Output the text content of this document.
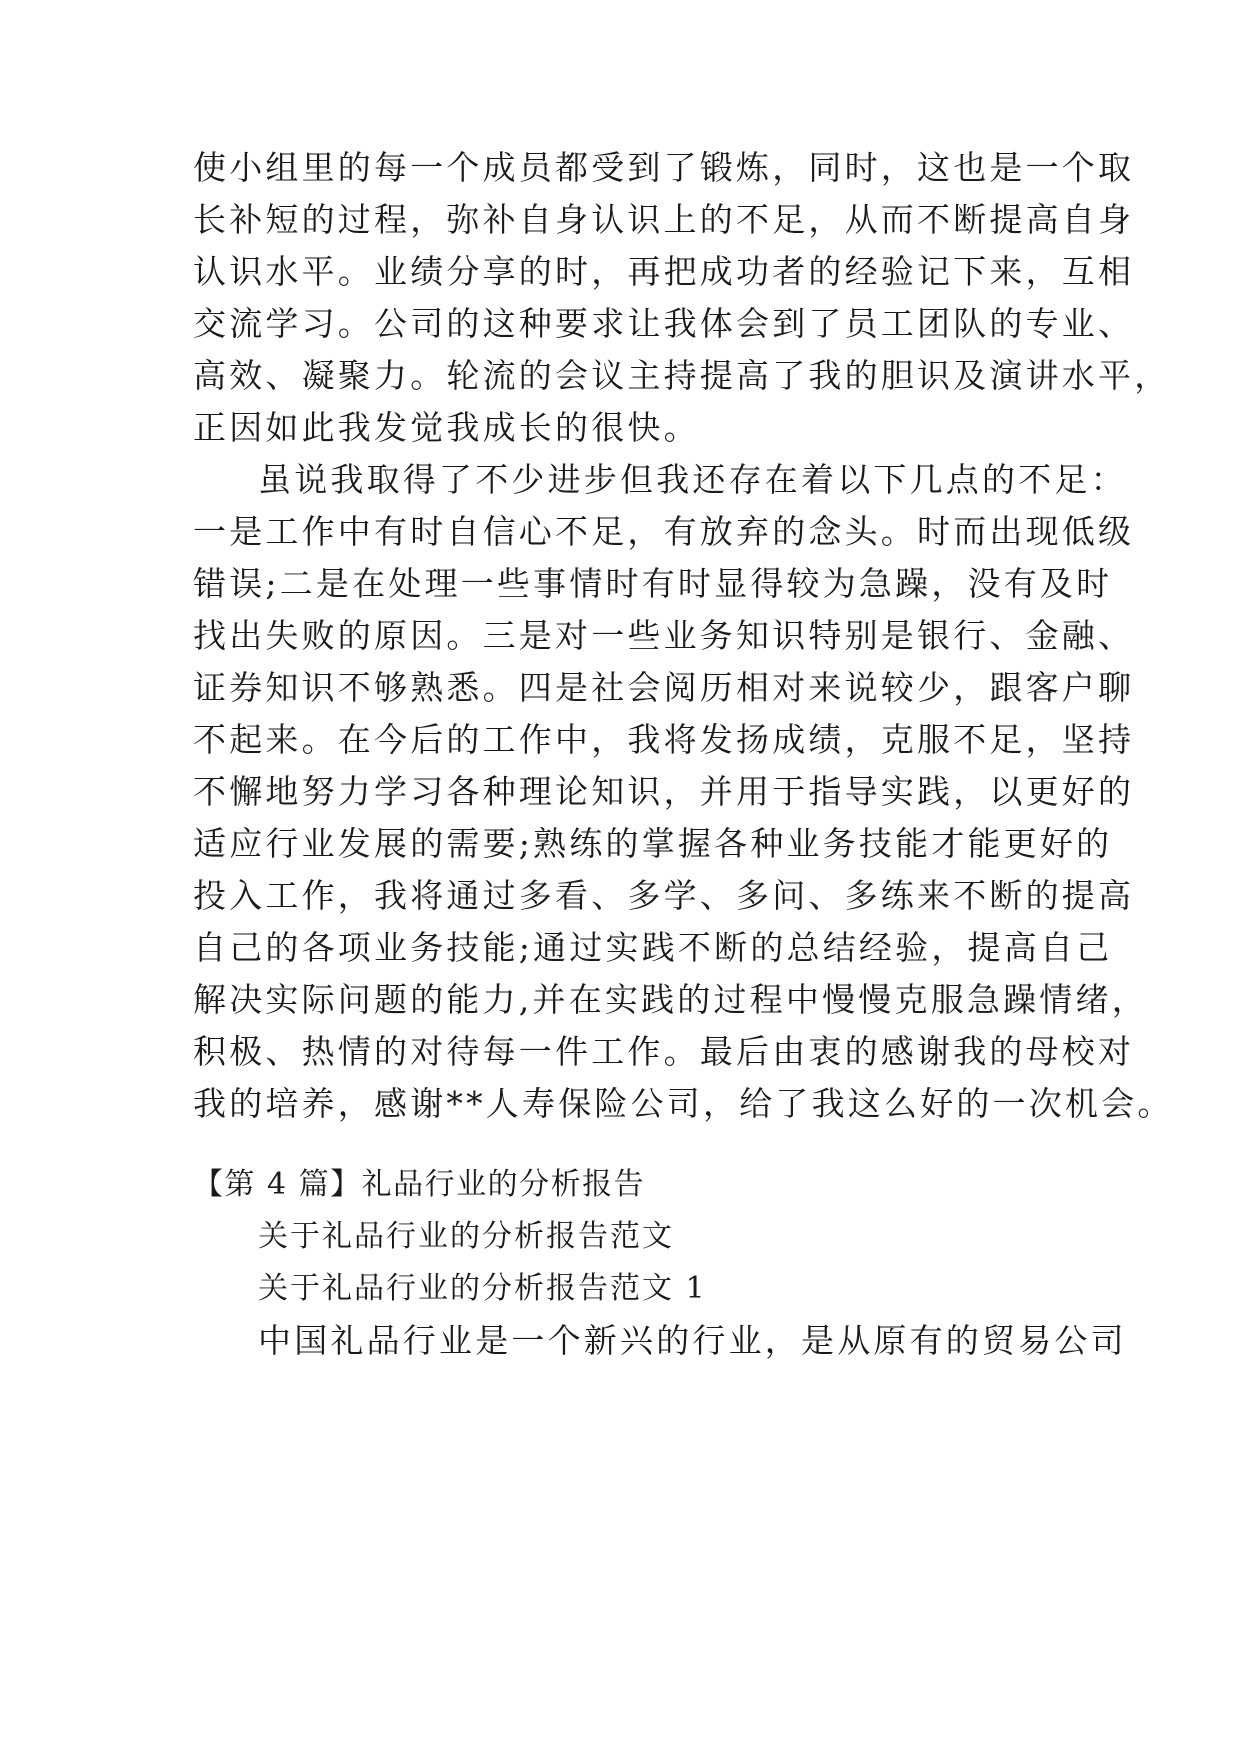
使小组里的每一个成员都受到了锻炼，同时，这也是一个取
长补短的过程，弥补自身认识上的不足，从而不断提高自身
认识水平。业绩分享的时，再把成功者的经验记下来，互相
交流学习。公司的这种要求让我体会到了员工团队的专业、
高效、凝聚力。轮流的会议主持提高了我的胆识及演讲水平，
正因如此我发觉我成长的很快。
虽说我取得了不少进步但我还存在着以下几点的不足：
一是工作中有时自信心不足，有放弃的念头。时而出现低级
错误;二是在处理一些事情时有时显得较为急躁，没有及时
找出失败的原因。三是对一些业务知识特别是银行、金融、
证券知识不够熟悉。四是社会阅历相对来说较少，跟客户聊
不起来。在今后的工作中，我将发扬成绩，克服不足，坚持
不懈地努力学习各种理论知识，并用于指导实践，以更好的
适应行业发展的需要;熟练的掌握各种业务技能才能更好的
投入工作，我将通过多看、多学、多问、多练来不断的提高
自己的各项业务技能;通过实践不断的总结经验，提高自己
解决实际问题的能力,并在实践的过程中慢慢克服急躁情绪，
积极、热情的对待每一件工作。最后由衷的感谢我的母校对
我的培养，感谢**人寿保险公司，给了我这么好的一次机会。
【第 4 篇】礼品行业的分析报告
关于礼品行业的分析报告范文
关于礼品行业的分析报告范文 1
中国礼品行业是一个新兴的行业，是从原有的贸易公司
